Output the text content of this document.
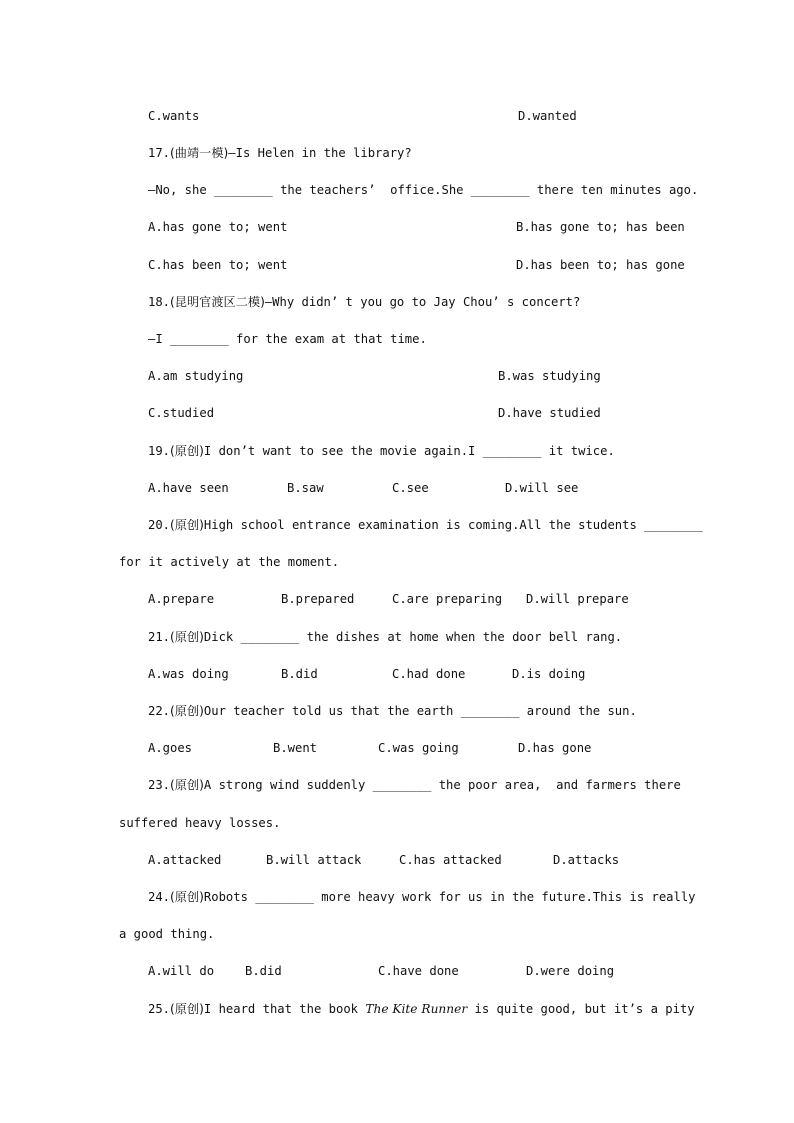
C.wants	D.wanted
17.(曲靖一模)—Is Helen in the library?
—No, she ________ the teachers’  office.She ________ there ten minutes ago.
A.has gone to; went	B.has gone to; has been
C.has been to; went	D.has been to; has gone
18.(昆明官渡区二模)—Why didn’ t you go to Jay Chou’ s concert?
—I ________ for the exam at that time.
A.am studying	B.was studying
C.studied	D.have studied
19.(原创)I don’t want to see the movie again.I ________ it twice.
A.have seen	B.saw	C.see	D.will see
20.(原创)High school entrance examination is coming.All the students ________
for it actively at the moment.
A.prepare	B.prepared	C.are preparing D.will prepare
21.(原创)Dick ________ the dishes at home when the door bell rang.
A.was doing	B.did	C.had done	D.is doing
22.(原创)Our teacher told us that the earth ________ around the sun.
A.goes	B.went	C.was going	D.has gone
23.(原创)A strong wind suddenly ________ the poor area,  and farmers there
suffered heavy losses.
A.attacked	B.will attack	C.has attacked	D.attacks
24.(原创)Robots ________ more heavy work for us in the future.This is really
a good thing.
A.will do	B.did	C.have done	D.were doing
25.(原创)I heard that the book The Kite Runner is quite good, but it’s a pity
